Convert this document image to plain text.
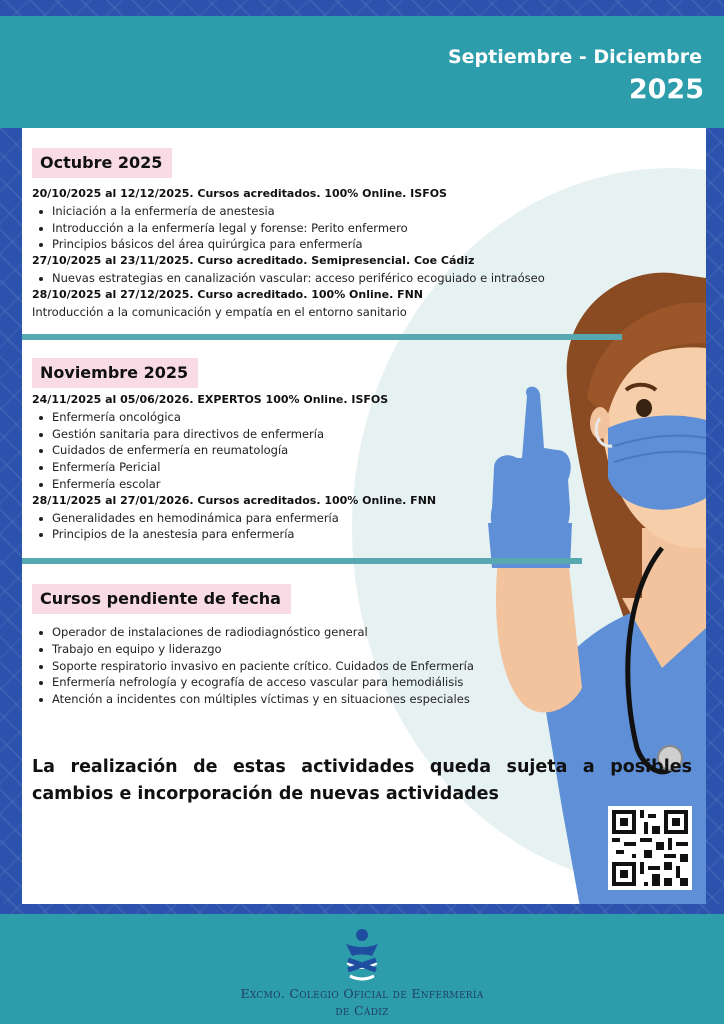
Septiembre - Diciembre
2025
Octubre 2025
20/10/2025 al 12/12/2025. Cursos acreditados. 100% Online. ISFOS
Iniciación a la enfermería de anestesia
Introducción a la enfermería legal y forense: Perito enfermero
Principios básicos del área quirúrgica para enfermería
27/10/2025 al 23/11/2025. Curso acreditado. Semipresencial. Coe Cádiz
Nuevas estrategias en canalización vascular: acceso periférico ecoguiado e intraóseo
28/10/2025 al 27/12/2025. Curso acreditado. 100% Online. FNN
Introducción a la comunicación y empatía en el entorno sanitario
Noviembre 2025
24/11/2025 al 05/06/2026. EXPERTOS 100% Online. ISFOS
Enfermería oncológica
Gestión sanitaria para directivos de enfermería
Cuidados de enfermería en reumatología
Enfermería Pericial
Enfermería escolar
28/11/2025 al 27/01/2026. Cursos acreditados. 100% Online. FNN
Generalidades en hemodinámica para enfermería
Principios de la anestesia para enfermería
Cursos pendiente de fecha
Operador de instalaciones de radiodiagnóstico general
Trabajo en equipo y liderazgo
Soporte respiratorio invasivo en paciente crítico. Cuidados de Enfermería
Enfermería nefrología y ecografía de acceso vascular para hemodiálisis
Atención a incidentes con múltiples víctimas y en situaciones especiales
La realización de estas actividades queda sujeta a posibles cambios e incorporación de nuevas actividades
Excmo. Colegio Oficial de Enfermería
de Cádiz
